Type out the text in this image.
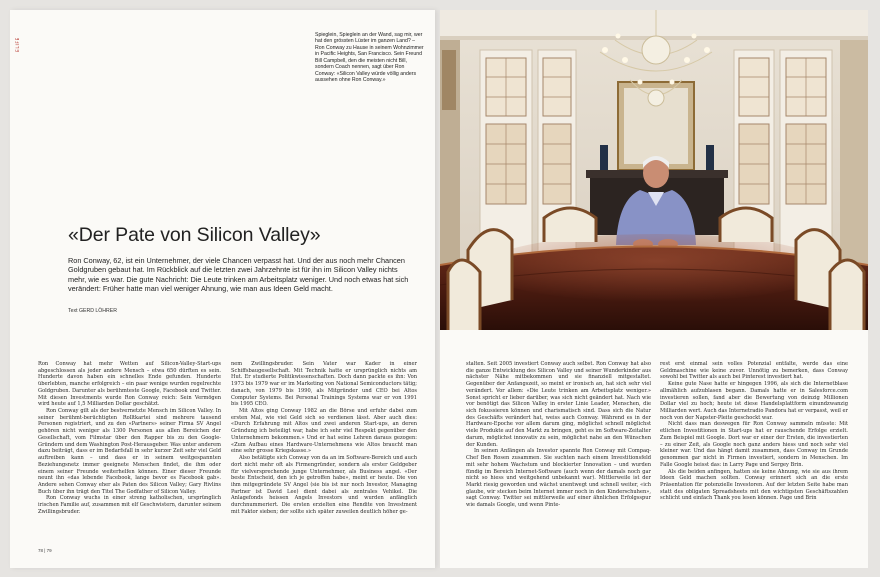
ELIFE
Spieglein, Spieglein an der Wand, sag mir, wer hat den grössten Lüster im ganzen Land? – Ron Conway zu Hause in seinem Wohnzimmer in Pacific Heights, San Francisco. Sein Freund Bill Campbell, den die meisten nicht Bill, sondern Coach nennen, sagt über Ron Conway: «Silicon Valley würde völlig anders aussehen ohne Ron Conway.»
«Der Pate von Silicon Valley»

Ron Conway, 62, ist ein Unternehmer, der viele Chancen verpasst hat. Und der aus noch mehr Chancen Goldgruben gebaut hat. Im Rückblick auf die letzten zwei Jahrzehnte ist für ihn im Silicon Valley nichts mehr, wie es war. Die gute Nachricht: Die Leute trinken am Arbeitsplatz weniger. Und noch etwas hat sich verändert: Früher hatte man viel weniger Ahnung, wie man aus Ideen Geld macht.

Text GERD LÖHRER

Ron Conway hat mehr Wetten auf Silicon-Valley-Start-ups abgeschlossen als jeder andere Mensch – etwa 650 dürften es sein. Hunderte davon haben ein schnelles Ende gefunden. Hunderte überlebten, manche erfolgreich – ein paar wenige wurden regelrechte Goldgruben. Darunter als berühmteste Google, Facebook und Twitter. Mit diesen Investments wurde Ron Conway reich: Sein Vermögen wird heute auf 1,5 Milliarden Dollar geschätzt.

Ron Conway gilt als der bestvernetzte Mensch im Silicon Valley. In seiner berühmt-berüchtigten Rolltkartei sind mehrere tausend Personen registriert, und zu den «Partners» seiner Firma SV Angel gehören nicht weniger als 1300 Personen aus allen Bereichen der Gesellschaft, vom Filmstar über den Rapper bis zu den Google-Gründern und dem Washington Post-Herausgeber. Was unter anderem dazu beiträgt, dass er im Bedarfsfall in sehr kurzer Zeit sehr viel Geld auftreiben kann – und dass er in seinem weitgespannten Beziehungsnetz immer geeignete Menschen findet, die ihm oder einem seiner Freunde weiterhelfen können. Einer dieser Freunde neunt ihn «das lebende Facebook, lange bevor es Facebook gab». Andere sehen Conway eher als Paten des Silicon Valley; Gary Rivlins Buch über ihn trägt den Titel The Godfather of Silicon Valley.

Ron Conway wuchs in einer streng katholischen, ursprünglich irischen Familie auf, zusammen mit elf Geschwistern, darunter seinem Zwillingsbruder.

nem Zwillingsbruder. Sein Vater war Kader in einer Schiffsbaugesellschaft. Mit Technik hatte er ursprünglich nichts am Hut. Er studierte Politikwissenschaften. Doch dann packte es ihn: Von 1973 bis 1979 war er im Marketing von National Semiconductors tätig; danach, von 1979 bis 1990, als Mitgründer und CEO bei Altos Computer Systems. Bei Personal Trainings Systems war er von 1991 bis 1995 CEO.

Mit Altos ging Conway 1982 an die Börse und erfuhr dabei zum ersten Mal, wie viel Geld sich so verdienen lässt. Aber auch dies: «Durch Erfahrung mit Altos und zwei anderen Start-ups, an deren Gründung ich beteiligt war, habe ich sehr viel Respekt gegenüber den Unternehmern bekommen.» Und er hat seine Lehren daraus gezogen: «Zum Aufbau eines Hardware-Unternehmens wie Altos braucht man eine sehr grosse Kriegskasse.»

Also betätigte sich Conway von da an im Software-Bereich und auch dort nicht mehr oft als Firmengründer, sondern als erster Geldgeber für vielversprechende junge Unternehmer, als Business angel. «Der beste Entscheid, den ich je getroffen habe», meint er heute. Die von ihm mitgegründete SV Angel (sie bis ist nur noch Investor, Managing Partner ist David Lee) dient dabei als zentrales Vehikel. Die Anlagefonds heissen Angels Investors und wurden anfänglich durchnummeriert. Die ersten erzielten eine Rendite von Investment mit Faktor sieben; der sollte sich später zuweilen deutlich höher ge-

78 | 79

stalten. Seit 2005 investiert Conway auch selbst. Ron Conway hat also die ganze Entwicklung des Silicon Valley und seiner Wunderkinder aus nächster Nähe mitbekommen und sie finanziell mitgestaltet. Gegenüber der Anfangszeit, so meint er ironisch an, hat sich sehr viel verändert. Vor allem: «Die Leute trinken am Arbeitsplatz weniger.» Sonst spricht er lieber darüber, was sich nicht geändert hat. Nach wie vor benötigt das Silicon Valley in erster Linie Leader, Menschen, die sich fokussieren können und charismatisch sind. Dass sich die Natur des Geschäfts verändert hat, weiss auch Conway. Während es in der Hardware-Epoche vor allem darum ging, möglichst schnell möglichst viele Produkte auf den Markt zu bringen, geht es im Software-Zeitalter darum, möglichst innovativ zu sein, möglichst nahe an den Wünschen der Kunden.

In seinen Anfängen als Investor spannte Ron Conway mit Compaq-Chef Ben Rosen zusammen. Sie suchten nach einem Investitionsfeld mit sehr hohem Wachstum und blockierter Innovation – und wurden fündig im Bereich Internet-Software (auch wenn der damals noch gar nicht so hiess und weitgehend unbekannt war). Mittlerweile ist der Markt riesig geworden und wächst unentwegt und schnell weiter, «ich glaube, wir stecken beim Internet immer noch in den Kinderschuhen», sagt Conway. Twitter sei mittlerweile auf einer ähnlichen Erfolgsspur wie damals Google, und wenn Pinte-

rest erst einmal sein volles Potenzial entfalte, werde das eine Geldmaschine wie keine zuvor. Unnötig zu bemerken, dass Conway sowohl bei Twitter als auch bei Pinterest investiert hat.

Keine gute Nase hatte er hingegen 1996, als sich die Internetblase allmählich aufzublasen begann. Damals hatte er in Salesforce.com investieren sollen, fand aber die Bewertung von deinzig Millionen Dollar viel zu hoch; heute ist diese Handelsplattform einundzwanzig Milliarden wert. Auch das Internetradio Pandora hat er verpasst, weil er noch von der Napster-Pleite geschockt war.

Nicht dass man deswegen für Ron Conway sammeln müsste: Mit etlichen Investitionen in Start-ups hat er rauschende Erfolge erzielt. Zum Beispiel mit Google. Dort war er einer der Ersten, die investierten – zu einer Zeit, als Google noch ganz anders hiess und noch sehr viel kleiner war. Und das hängt damit zusammen, dass Conway im Grunde genommen gar nicht in Firmen investiert, sondern in Menschen. Im Falle Google heisst das: in Larry Page und Sergey Brin.

Als die beiden anfingen, hatten sie keine Ahnung, wie sie aus ihrem Ideen Geld machen sollten. Conway erinnert sich an die erste Präsentation für potenzielle Investoren. Auf der letzten Seite habe man statt des obligaten Spreadsheets mit den wichtigsten Geschäftszahlen schlicht und einfach Thank you lesen können. Page und Brin
